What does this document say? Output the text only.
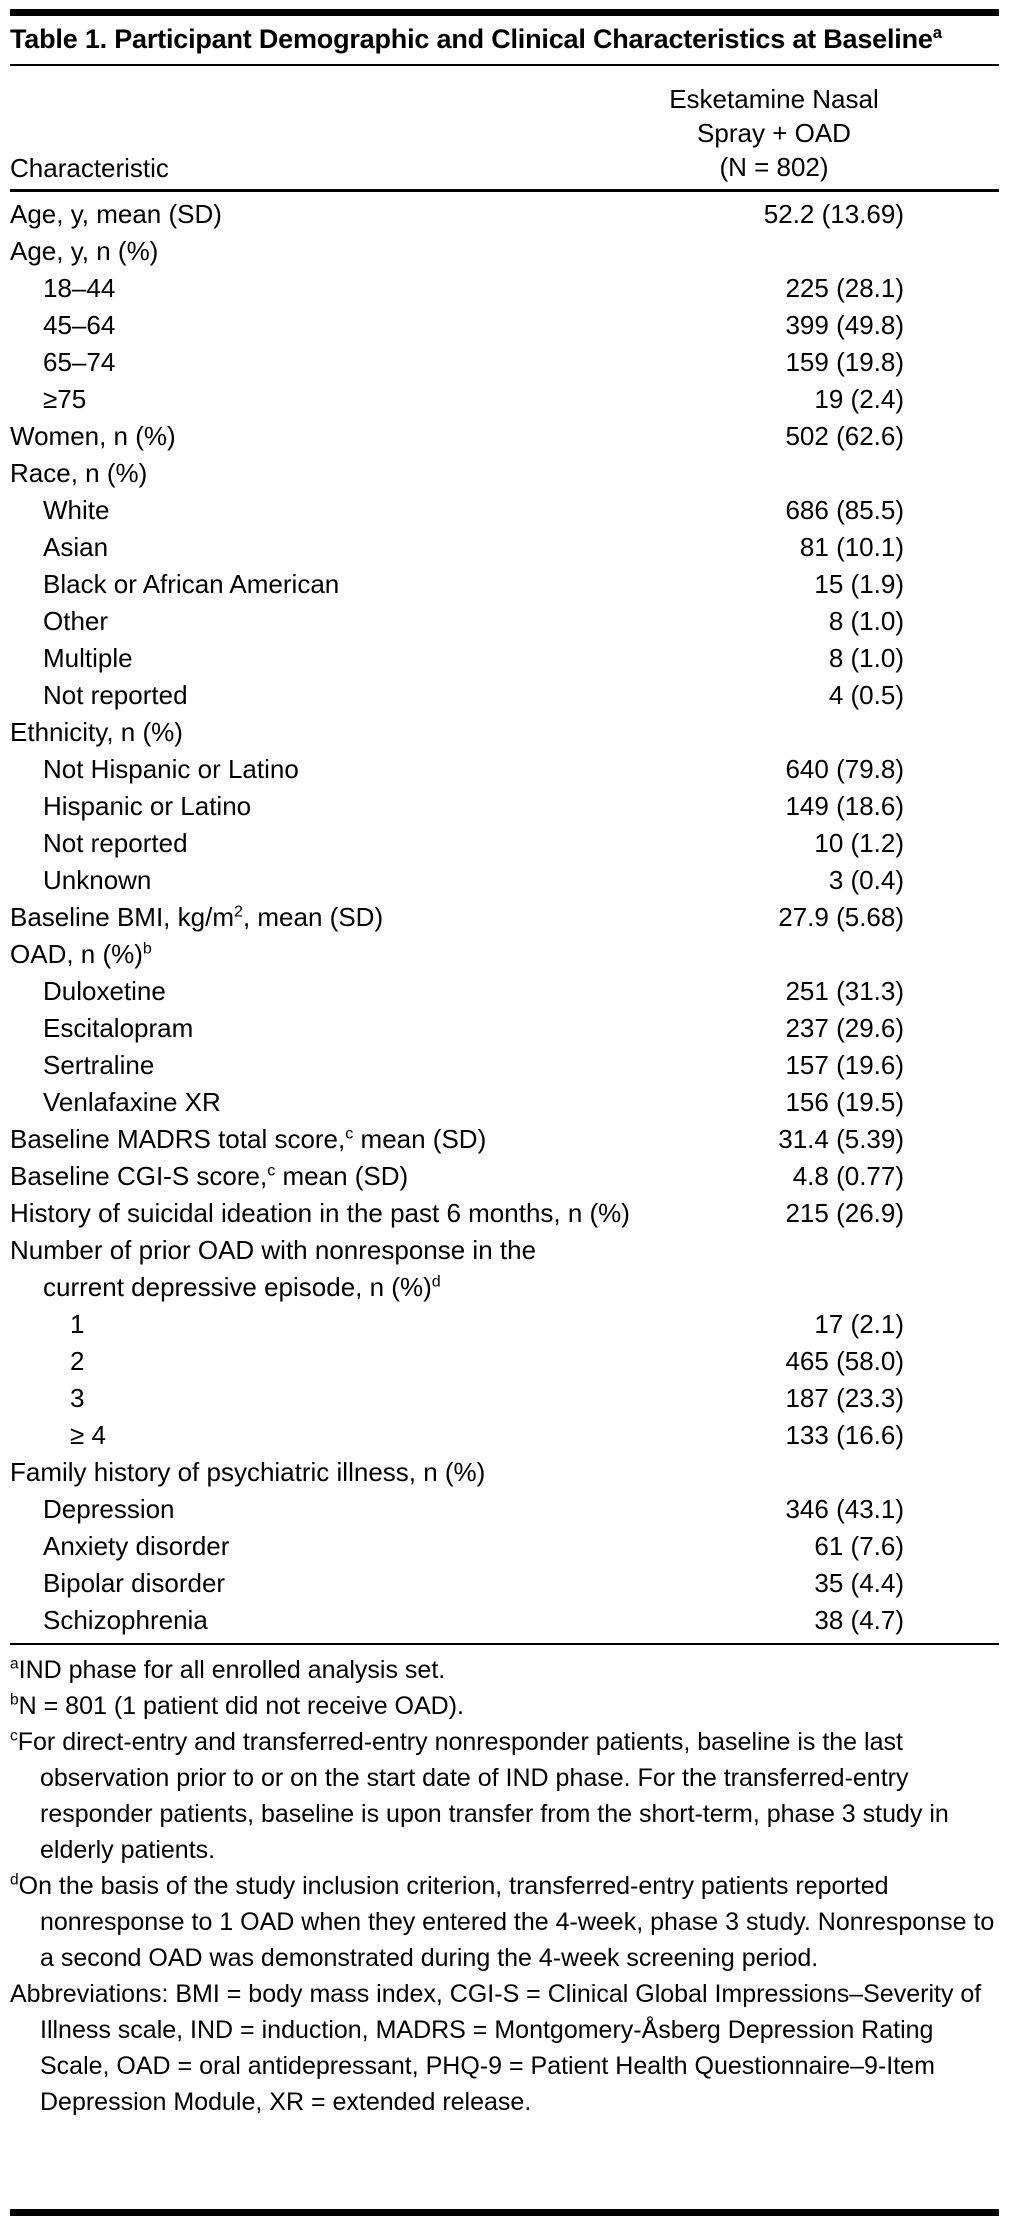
Table 1. Participant Demographic and Clinical Characteristics at Baseline$^a$
Characteristic
Esketamine Nasal
Spray + OAD
(N = 802)
Age, y, mean (SD)	52.2 (13.69)
Age, y, n (%)
18–44	225 (28.1)
45–64	399 (49.8)
65–74	159 (19.8)
≥75	19 (2.4)
Women, n (%)	502 (62.6)
Race, n (%)
White	686 (85.5)
Asian	81 (10.1)
Black or African American	15 (1.9)
Other	8 (1.0)
Multiple	8 (1.0)
Not reported	4 (0.5)
Ethnicity, n (%)
Not Hispanic or Latino	640 (79.8)
Hispanic or Latino	149 (18.6)
Not reported	10 (1.2)
Unknown	3 (0.4)
Baseline BMI, $kg/m^2$, mean (SD)	27.9 (5.68)
OAD, n (%)$^b$
Duloxetine	251 (31.3)
Escitalopram	237 (29.6)
Sertraline	157 (19.6)
Venlafaxine XR	156 (19.5)
Baseline MADRS total score,$^c$ mean (SD)	31.4 (5.39)
Baseline CGI-S score,$^c$ mean (SD)	4.8 (0.77)
History of suicidal ideation in the past 6 months, n (%)	215 (26.9)
Number of prior OAD with nonresponse in the
current depressive episode, n (%)$^d$
1	17 (2.1)
2	465 (58.0)
3	187 (23.3)
≥ 4	133 (16.6)
Family history of psychiatric illness, n (%)
Depression	346 (43.1)
Anxiety disorder	61 (7.6)
Bipolar disorder	35 (4.4)
Schizophrenia	38 (4.7)
$^a$IND phase for all enrolled analysis set.
$^b$N = 801 (1 patient did not receive OAD).
$^c$For direct-entry and transferred-entry nonresponder patients, baseline is the last observation prior to or on the start date of IND phase. For the transferred-entry responder patients, baseline is upon transfer from the short-term, phase 3 study in elderly patients.
$^d$On the basis of the study inclusion criterion, transferred-entry patients reported nonresponse to 1 OAD when they entered the 4-week, phase 3 study. Nonresponse to a second OAD was demonstrated during the 4-week screening period.
Abbreviations: BMI = body mass index, CGI-S = Clinical Global Impressions–Severity of Illness scale, IND = induction, MADRS = Montgomery-Åsberg Depression Rating Scale, OAD = oral antidepressant, PHQ-9 = Patient Health Questionnaire–9-Item Depression Module, XR = extended release.
